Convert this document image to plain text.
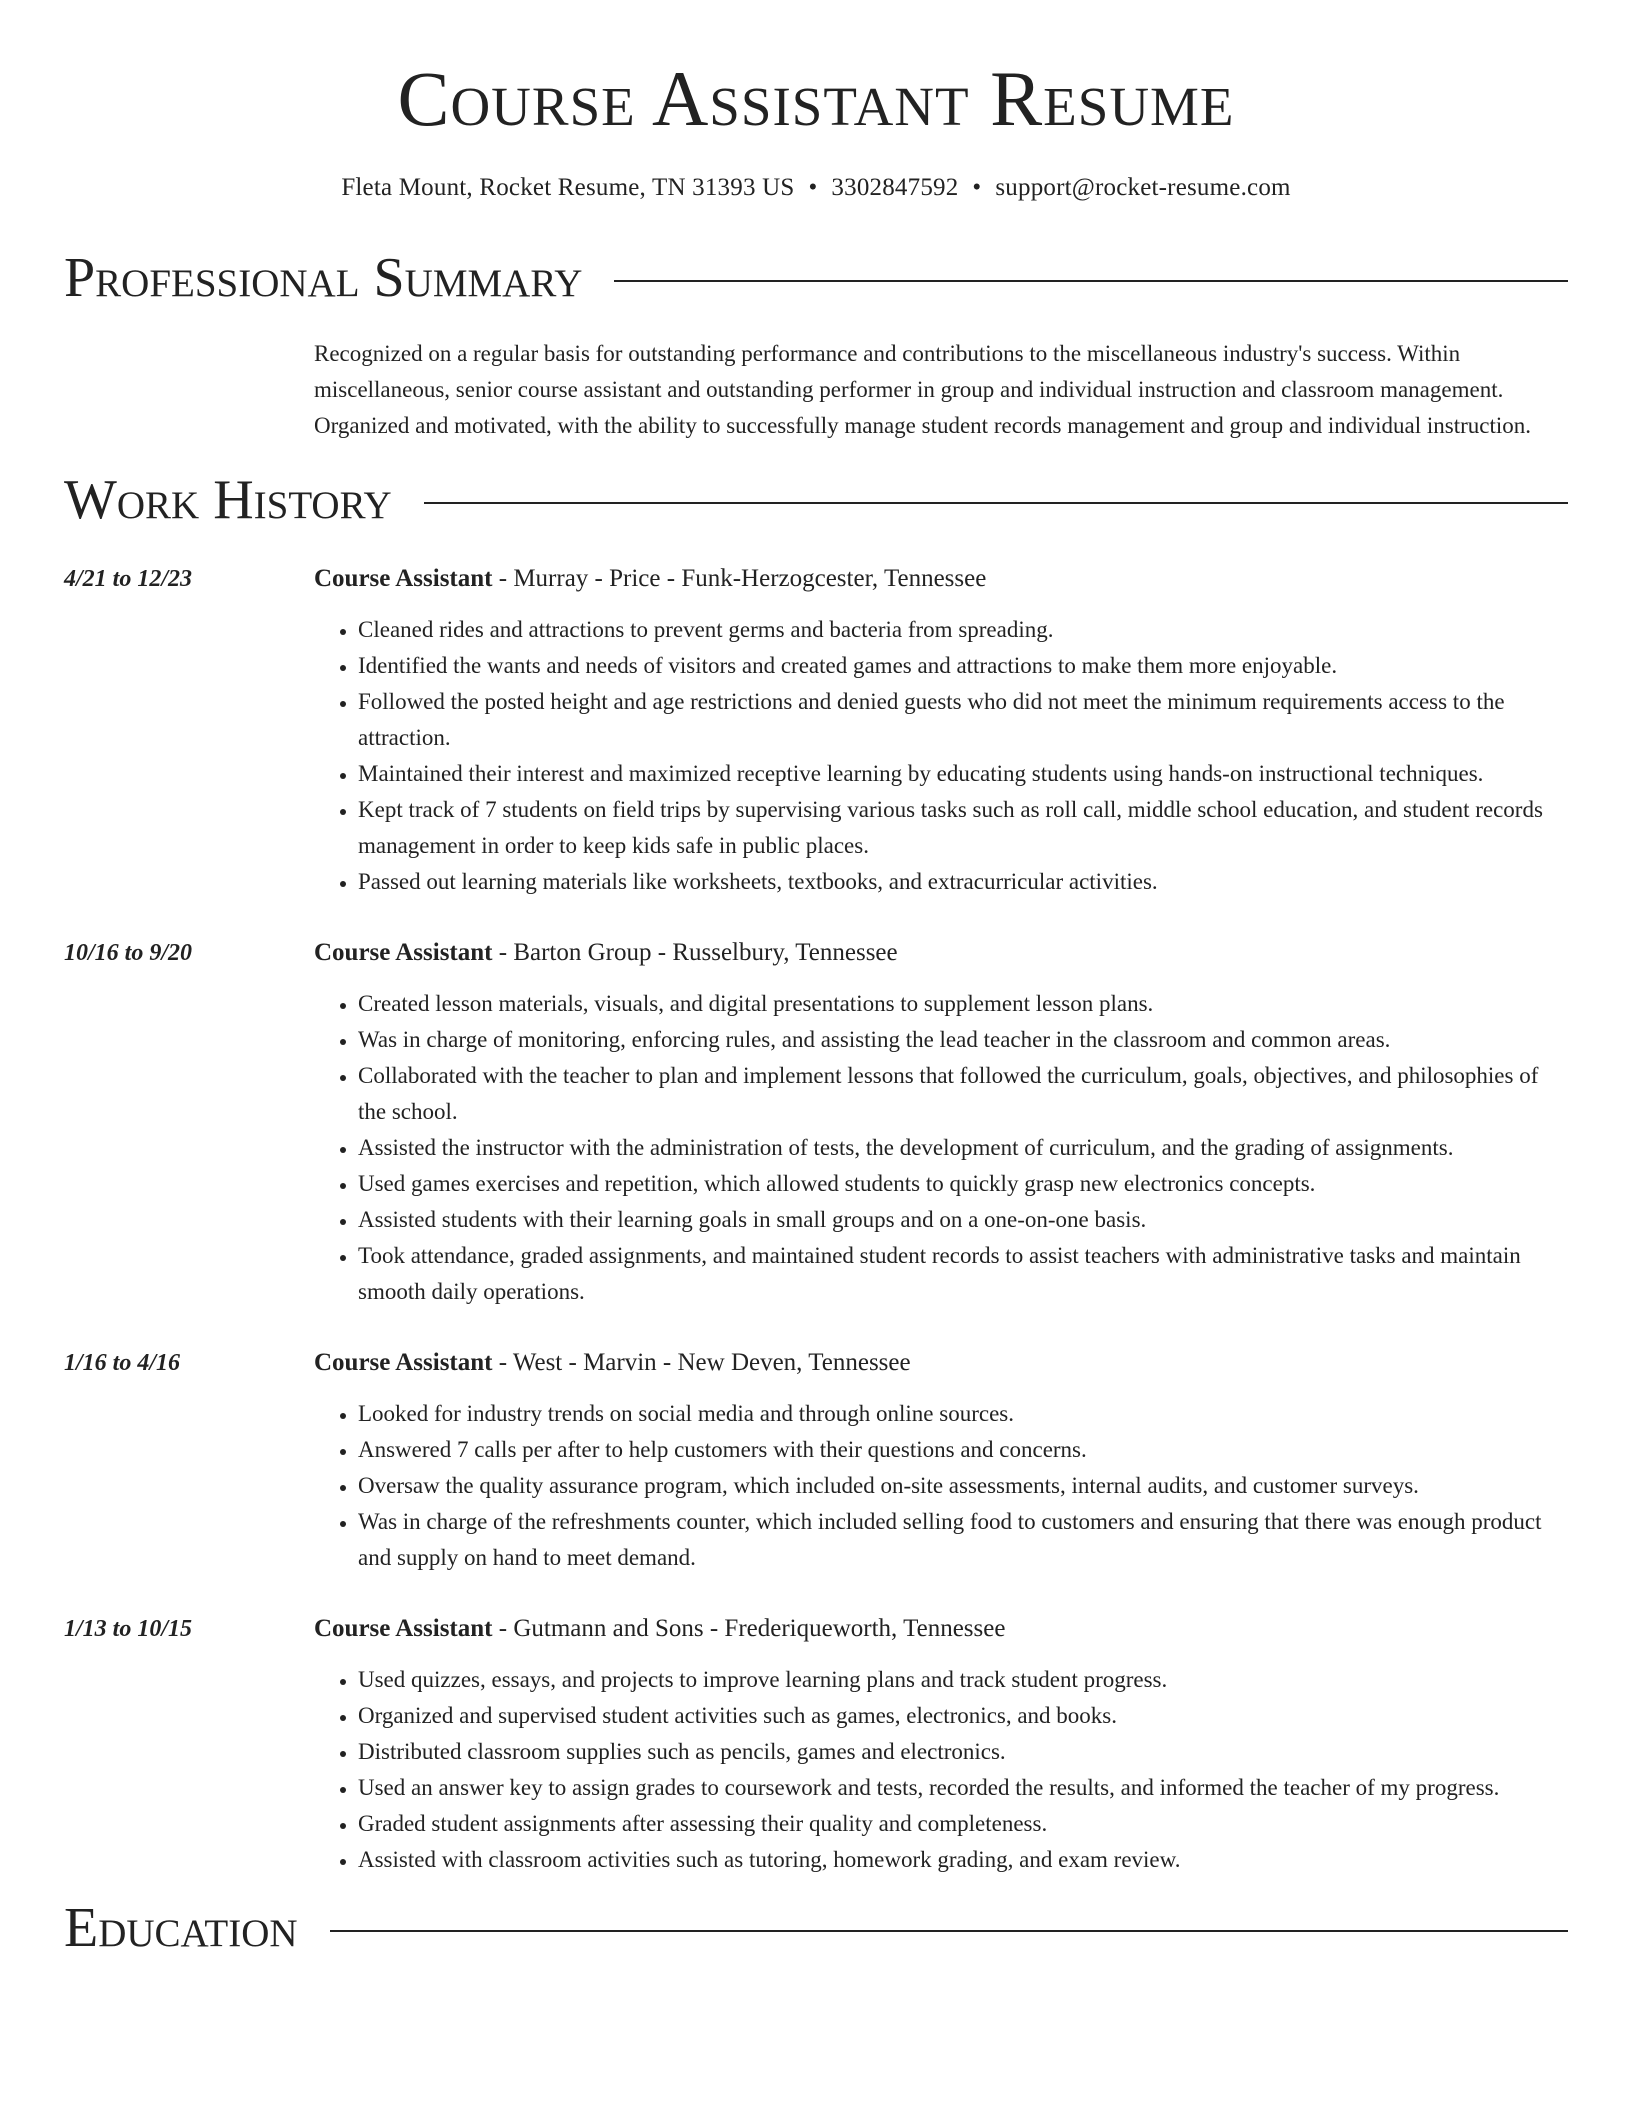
Course Assistant Resume
Fleta Mount, Rocket Resume, TN 31393 US • 3302847592 • support@rocket-resume.com
Professional Summary
Recognized on a regular basis for outstanding performance and contributions to the miscellaneous industry's success. Within miscellaneous, senior course assistant and outstanding performer in group and individual instruction and classroom management. Organized and motivated, with the ability to successfully manage student records management and group and individual instruction.
Work History
4/21 to 12/23	Course Assistant - Murray - Price - Funk-Herzogcester, Tennessee
• Cleaned rides and attractions to prevent germs and bacteria from spreading.
• Identified the wants and needs of visitors and created games and attractions to make them more enjoyable.
• Followed the posted height and age restrictions and denied guests who did not meet the minimum requirements access to the attraction.
• Maintained their interest and maximized receptive learning by educating students using hands-on instructional techniques.
• Kept track of 7 students on field trips by supervising various tasks such as roll call, middle school education, and student records management in order to keep kids safe in public places.
• Passed out learning materials like worksheets, textbooks, and extracurricular activities.
10/16 to 9/20	Course Assistant - Barton Group - Russelbury, Tennessee
• Created lesson materials, visuals, and digital presentations to supplement lesson plans.
• Was in charge of monitoring, enforcing rules, and assisting the lead teacher in the classroom and common areas.
• Collaborated with the teacher to plan and implement lessons that followed the curriculum, goals, objectives, and philosophies of the school.
• Assisted the instructor with the administration of tests, the development of curriculum, and the grading of assignments.
• Used games exercises and repetition, which allowed students to quickly grasp new electronics concepts.
• Assisted students with their learning goals in small groups and on a one-on-one basis.
• Took attendance, graded assignments, and maintained student records to assist teachers with administrative tasks and maintain smooth daily operations.
1/16 to 4/16	Course Assistant - West - Marvin - New Deven, Tennessee
• Looked for industry trends on social media and through online sources.
• Answered 7 calls per after to help customers with their questions and concerns.
• Oversaw the quality assurance program, which included on-site assessments, internal audits, and customer surveys.
• Was in charge of the refreshments counter, which included selling food to customers and ensuring that there was enough product and supply on hand to meet demand.
1/13 to 10/15	Course Assistant - Gutmann and Sons - Frederiqueworth, Tennessee
• Used quizzes, essays, and projects to improve learning plans and track student progress.
• Organized and supervised student activities such as games, electronics, and books.
• Distributed classroom supplies such as pencils, games and electronics.
• Used an answer key to assign grades to coursework and tests, recorded the results, and informed the teacher of my progress.
• Graded student assignments after assessing their quality and completeness.
• Assisted with classroom activities such as tutoring, homework grading, and exam review.
Education
